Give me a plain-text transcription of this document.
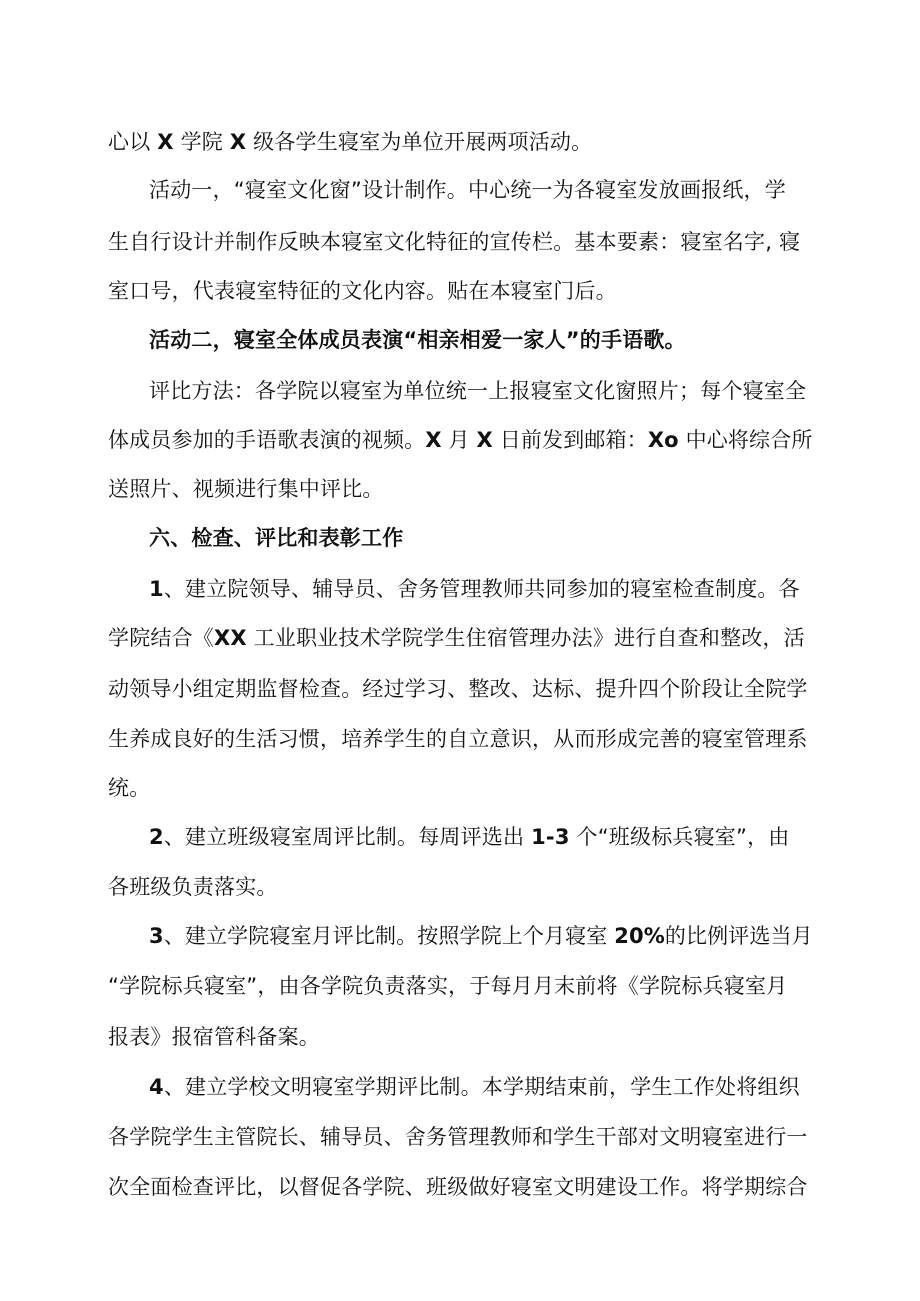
心以 X 学院 X 级各学生寝室为单位开展两项活动。
活动一，“寝室文化窗”设计制作。中心统一为各寝室发放画报纸，学
生自行设计并制作反映本寝室文化特征的宣传栏。基本要素：寝室名字, 寝
室口号，代表寝室特征的文化内容。贴在本寝室门后。
活动二，寝室全体成员表演“相亲相爱一家人”的手语歌。
评比方法：各学院以寝室为单位统一上报寝室文化窗照片；每个寝室全
体成员参加的手语歌表演的视频。X 月 X 日前发到邮箱：Xo 中心将综合所
送照片、视频进行集中评比。
六、检查、评比和表彰工作
1、建立院领导、辅导员、舍务管理教师共同参加的寝室检查制度。各
学院结合《XX 工业职业技术学院学生住宿管理办法》进行自查和整改，活
动领导小组定期监督检查。经过学习、整改、达标、提升四个阶段让全院学
生养成良好的生活习惯，培养学生的自立意识，从而形成完善的寝室管理系
统。
2、建立班级寝室周评比制。每周评选出 1-3 个“班级标兵寝室”，由
各班级负责落实。
3、建立学院寝室月评比制。按照学院上个月寝室 20%的比例评选当月
“学院标兵寝室”，由各学院负责落实，于每月月末前将《学院标兵寝室月
报表》报宿管科备案。
4、建立学校文明寝室学期评比制。本学期结束前，学生工作处将组织
各学院学生主管院长、辅导员、舍务管理教师和学生干部对文明寝室进行一
次全面检查评比，以督促各学院、班级做好寝室文明建设工作。将学期综合
